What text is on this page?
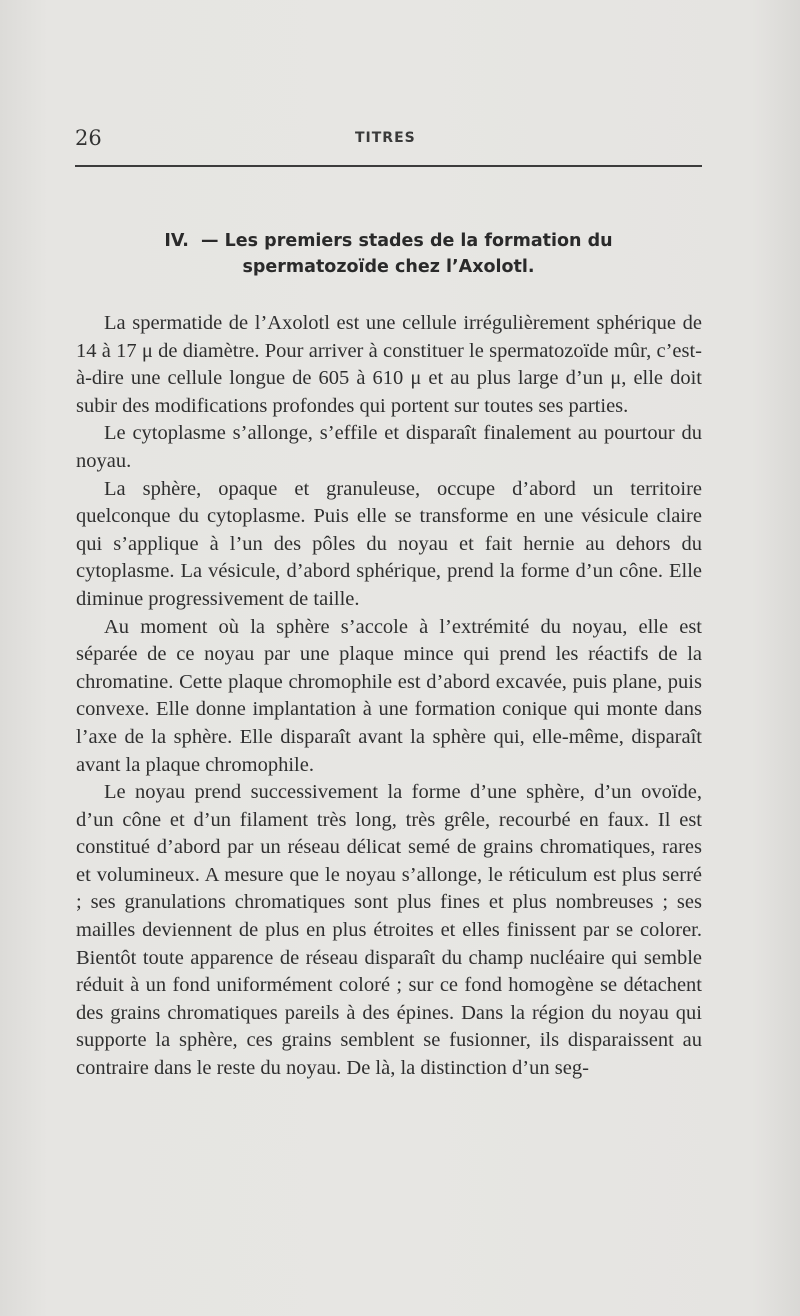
26	TITRES
IV.  — Les premiers stades de la formation du
spermatozoïde chez l’Axolotl.

La spermatide de l’Axolotl est une cellule irrégulièrement sphérique de 14 à 17 μ de diamètre. Pour arriver à constituer le spermatozoïde mûr, c’est-à-dire une cellule longue de 605 à 610 μ et au plus large d’un μ, elle doit subir des modifications profondes qui portent sur toutes ses parties.

Le cytoplasme s’allonge, s’effile et disparaît finalement au pourtour du noyau.

La sphère, opaque et granuleuse, occupe d’abord un territoire quelconque du cytoplasme. Puis elle se transforme en une vésicule claire qui s’applique à l’un des pôles du noyau et fait hernie au dehors du cytoplasme. La vésicule, d’abord sphérique, prend la forme d’un cône. Elle diminue progressivement de taille.

Au moment où la sphère s’accole à l’extrémité du noyau, elle est séparée de ce noyau par une plaque mince qui prend les réactifs de la chromatine. Cette plaque chromophile est d’abord excavée, puis plane, puis convexe. Elle donne implantation à une formation conique qui monte dans l’axe de la sphère. Elle disparaît avant la sphère qui, elle-même, disparaît avant la plaque chromophile.

Le noyau prend successivement la forme d’une sphère, d’un ovoïde, d’un cône et d’un filament très long, très grêle, recourbé en faux. Il est constitué d’abord par un réseau délicat semé de grains chromatiques, rares et volumineux. A mesure que le noyau s’allonge, le réticulum est plus serré ; ses granulations chromatiques sont plus fines et plus nombreuses ; ses mailles deviennent de plus en plus étroites et elles finissent par se colorer. Bientôt toute apparence de réseau disparaît du champ nucléaire qui semble réduit à un fond uniformément coloré ; sur ce fond homogène se détachent des grains chromatiques pareils à des épines. Dans la région du noyau qui supporte la sphère, ces grains semblent se fusionner, ils disparaissent au contraire dans le reste du noyau. De là, la distinction d’un seg-
